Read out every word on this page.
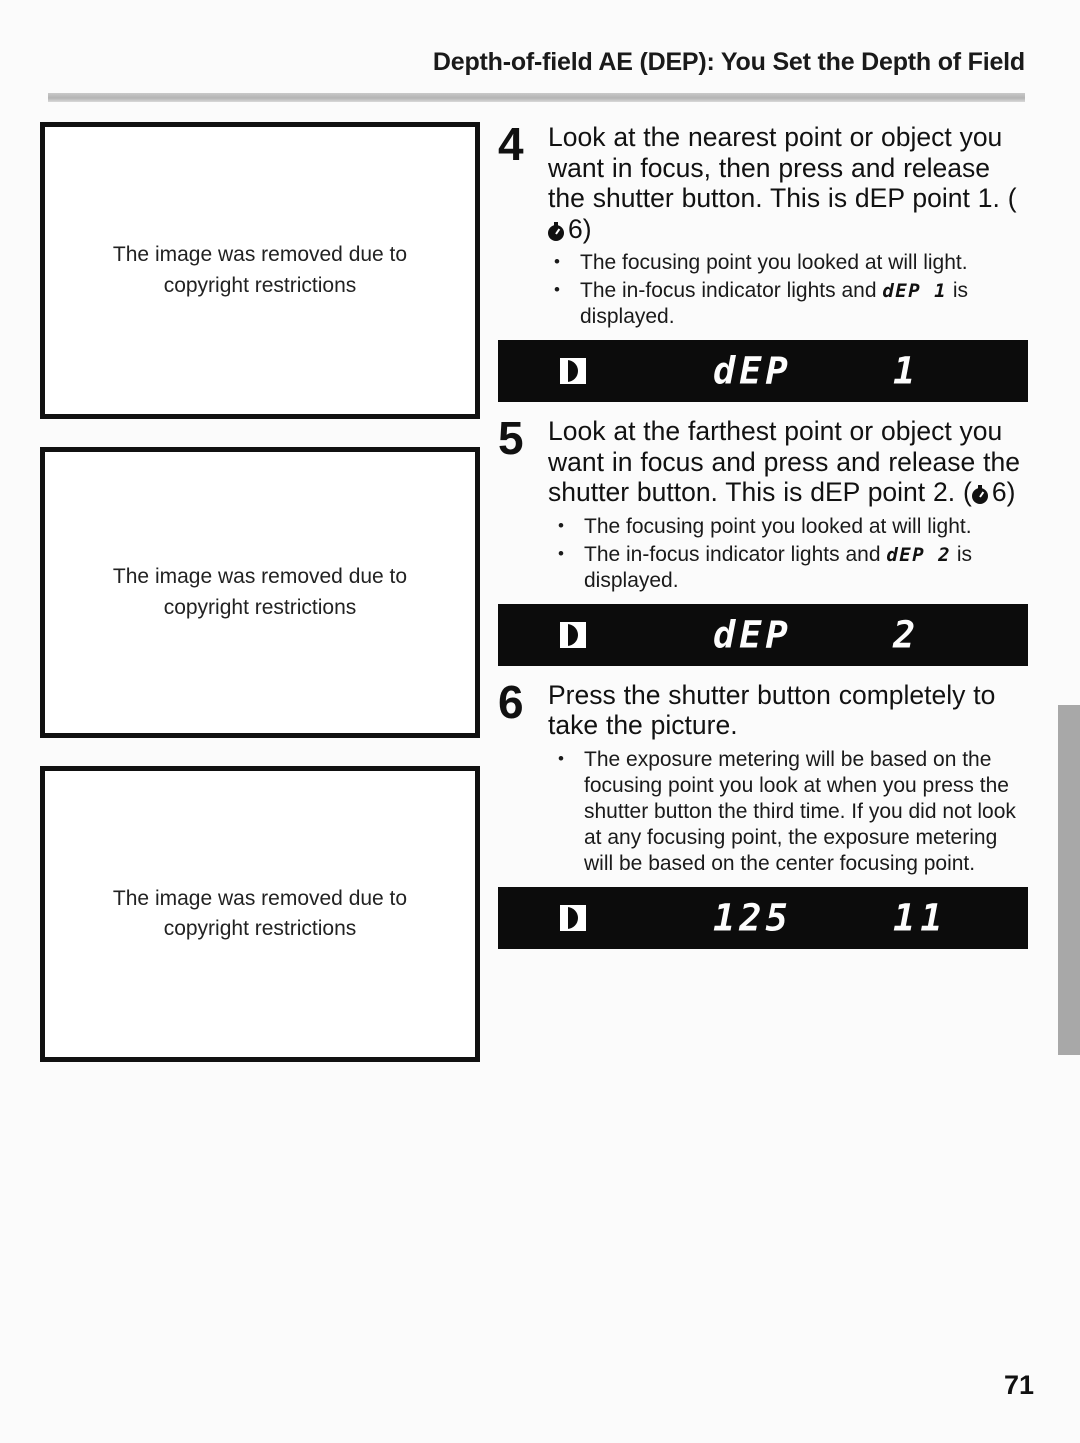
Depth-of-field AE (DEP): You Set the Depth of Field
The image was removed due to copyright restrictions
The image was removed due to copyright restrictions
The image was removed due to copyright restrictions
4 Look at the nearest point or object you want in focus, then press and release the shutter button. This is dEP point 1. (
6)
• The focusing point you looked at will light.
• The in-focus indicator lights and dEP 1 is displayed.
dEP	1
5 Look at the farthest point or object you want in focus and press and release the shutter button. This is dEP point 2. ( 6)
• The focusing point you looked at will light.
• The in-focus indicator lights and dEP 2 is displayed.
dEP	2
6 Press the shutter button completely to take the picture.
• The exposure metering will be based on the focusing point you look at when you press the shutter button the third time. If you did not look at any focusing point, the exposure metering will be based on the center focusing point.
125	11
71
